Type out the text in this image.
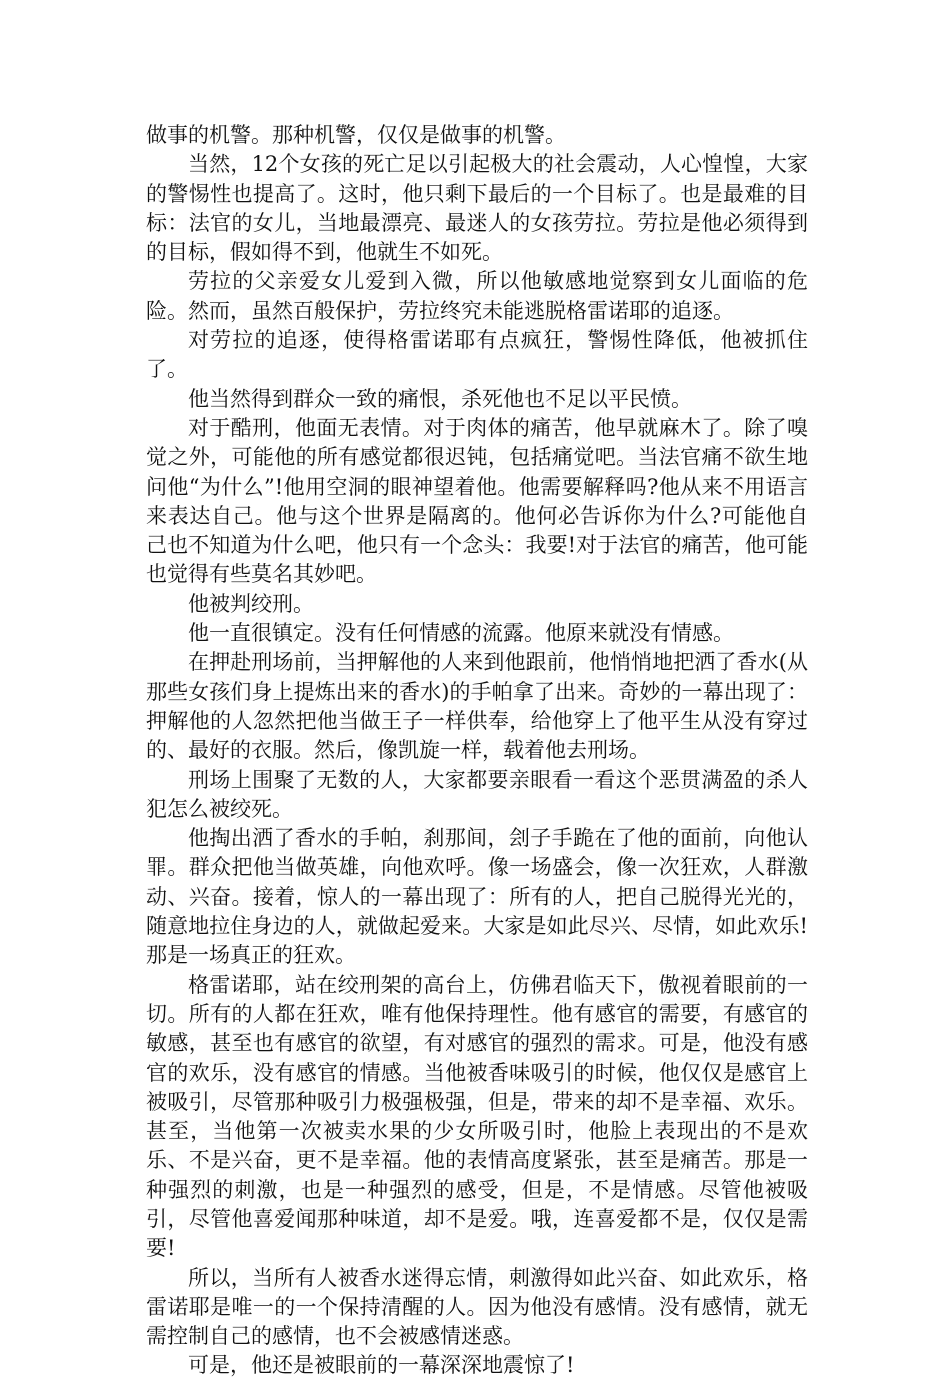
做事的机警。那种机警，仅仅是做事的机警。

当然，12个女孩的死亡足以引起极大的社会震动，人心惶惶，大家的警惕性也提高了。这时，他只剩下最后的一个目标了。也是最难的目标：法官的女儿，当地最漂亮、最迷人的女孩劳拉。劳拉是他必须得到的目标，假如得不到，他就生不如死。

劳拉的父亲爱女儿爱到入微，所以他敏感地觉察到女儿面临的危险。然而，虽然百般保护，劳拉终究未能逃脱格雷诺耶的追逐。

对劳拉的追逐，使得格雷诺耶有点疯狂，警惕性降低，他被抓住了。

他当然得到群众一致的痛恨，杀死他也不足以平民愤。

对于酷刑，他面无表情。对于肉体的痛苦，他早就麻木了。除了嗅觉之外，可能他的所有感觉都很迟钝，包括痛觉吧。当法官痛不欲生地问他“为什么”!他用空洞的眼神望着他。他需要解释吗?他从来不用语言来表达自己。他与这个世界是隔离的。他何必告诉你为什么?可能他自己也不知道为什么吧，他只有一个念头：我要!对于法官的痛苦，他可能也觉得有些莫名其妙吧。

他被判绞刑。

他一直很镇定。没有任何情感的流露。他原来就没有情感。

在押赴刑场前，当押解他的人来到他跟前，他悄悄地把洒了香水(从那些女孩们身上提炼出来的香水)的手帕拿了出来。奇妙的一幕出现了：押解他的人忽然把他当做王子一样供奉，给他穿上了他平生从没有穿过的、最好的衣服。然后，像凯旋一样，载着他去刑场。

刑场上围聚了无数的人，大家都要亲眼看一看这个恶贯满盈的杀人犯怎么被绞死。

他掏出洒了香水的手帕，刹那间，刽子手跪在了他的面前，向他认罪。群众把他当做英雄，向他欢呼。像一场盛会，像一次狂欢，人群激动、兴奋。接着，惊人的一幕出现了：所有的人，把自己脱得光光的，随意地拉住身边的人，就做起爱来。大家是如此尽兴、尽情，如此欢乐!那是一场真正的狂欢。

格雷诺耶，站在绞刑架的高台上，仿佛君临天下，傲视着眼前的一切。所有的人都在狂欢，唯有他保持理性。他有感官的需要，有感官的敏感，甚至也有感官的欲望，有对感官的强烈的需求。可是，他没有感官的欢乐，没有感官的情感。当他被香味吸引的时候，他仅仅是感官上被吸引，尽管那种吸引力极强极强，但是，带来的却不是幸福、欢乐。甚至，当他第一次被卖水果的少女所吸引时，他脸上表现出的不是欢乐、不是兴奋，更不是幸福。他的表情高度紧张，甚至是痛苦。那是一种强烈的刺激，也是一种强烈的感受，但是，不是情感。尽管他被吸引，尽管他喜爱闻那种味道，却不是爱。哦，连喜爱都不是，仅仅是需要!

所以，当所有人被香水迷得忘情，刺激得如此兴奋、如此欢乐，格雷诺耶是唯一的一个保持清醒的人。因为他没有感情。没有感情，就无需控制自己的感情，也不会被感情迷惑。

可是，他还是被眼前的一幕深深地震惊了!
